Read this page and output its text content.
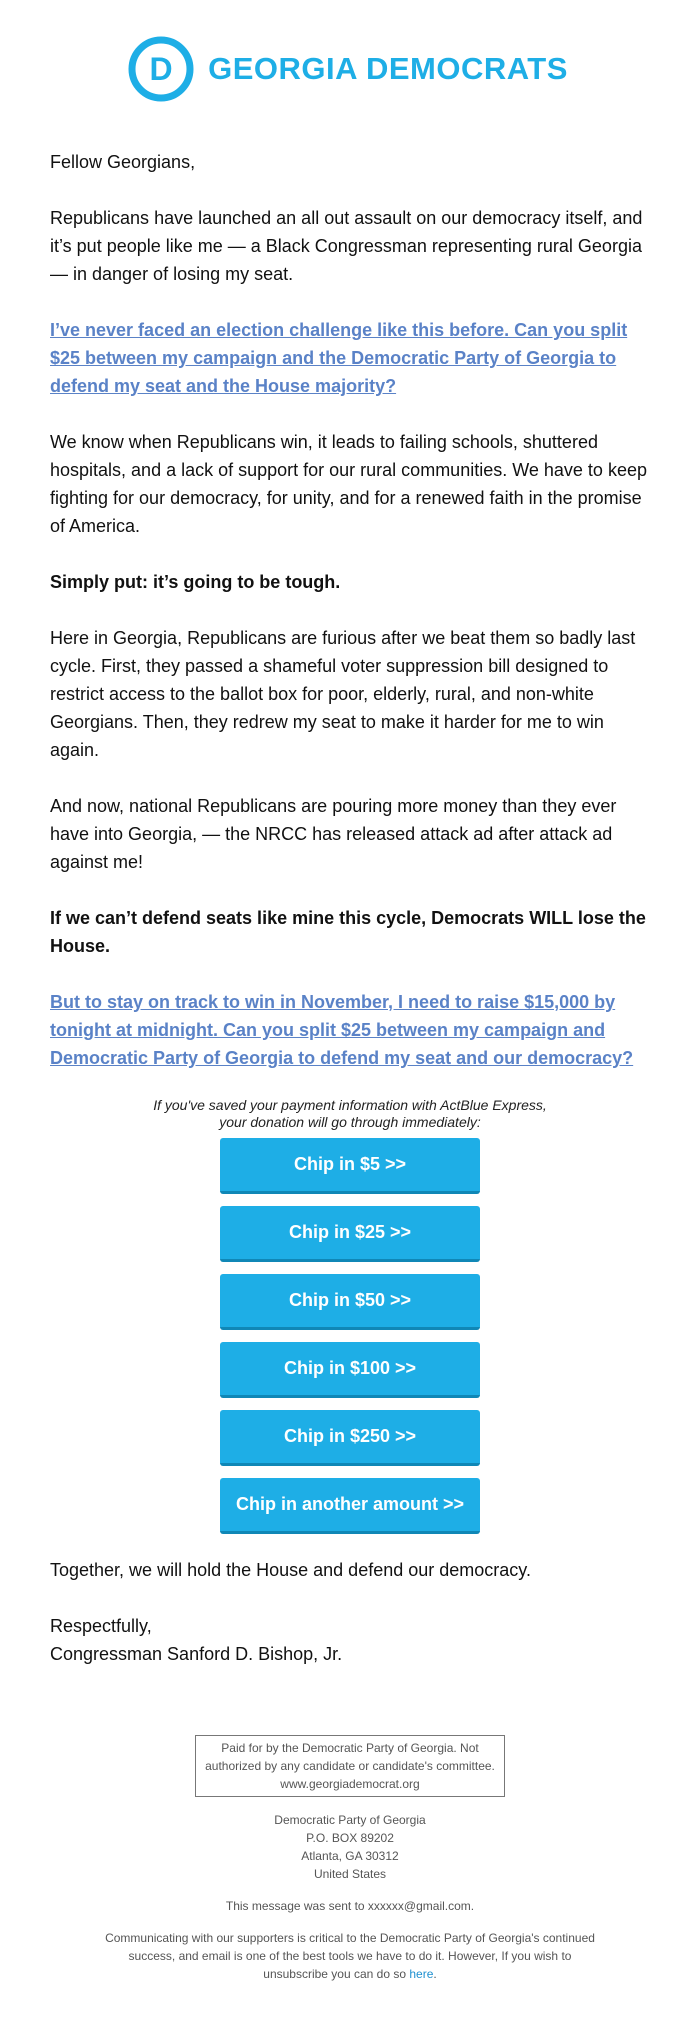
D GEORGIA DEMOCRATS

Fellow Georgians,

Republicans have launched an all out assault on our democracy itself, and it’s put people like me — a Black Congressman representing rural Georgia — in danger of losing my seat.

I’ve never faced an election challenge like this before. Can you split $25 between my campaign and the Democratic Party of Georgia to defend my seat and the House majority?

We know when Republicans win, it leads to failing schools, shuttered hospitals, and a lack of support for our rural communities. We have to keep fighting for our democracy, for unity, and for a renewed faith in the promise of America.

Simply put: it’s going to be tough.

Here in Georgia, Republicans are furious after we beat them so badly last cycle. First, they passed a shameful voter suppression bill designed to restrict access to the ballot box for poor, elderly, rural, and non-white Georgians. Then, they redrew my seat to make it harder for me to win again.

And now, national Republicans are pouring more money than they ever have into Georgia, — the NRCC has released attack ad after attack ad against me!

If we can’t defend seats like mine this cycle, Democrats WILL lose the House.

But to stay on track to win in November, I need to raise $15,000 by tonight at midnight. Can you split $25 between my campaign and Democratic Party of Georgia to defend my seat and our democracy?

If you've saved your payment information with ActBlue Express,
your donation will go through immediately:
Chip in $5 >>
Chip in $25 >>
Chip in $50 >>
Chip in $100 >>
Chip in $250 >>
Chip in another amount >>

Together, we will hold the House and defend our democracy.

Respectfully,

Congressman Sanford D. Bishop, Jr.

Paid for by the Democratic Party of Georgia. Not
authorized by any candidate or candidate's committee.
www.georgiademocrat.org
Democratic Party of Georgia
P.O. BOX 89202
Atlanta, GA 30312
United States
This message was sent to xxxxxx@gmail.com.
Communicating with our supporters is critical to the Democratic Party of Georgia's continued success, and email is one of the best tools we have to do it. However, If you wish to unsubscribe you can do so here.
